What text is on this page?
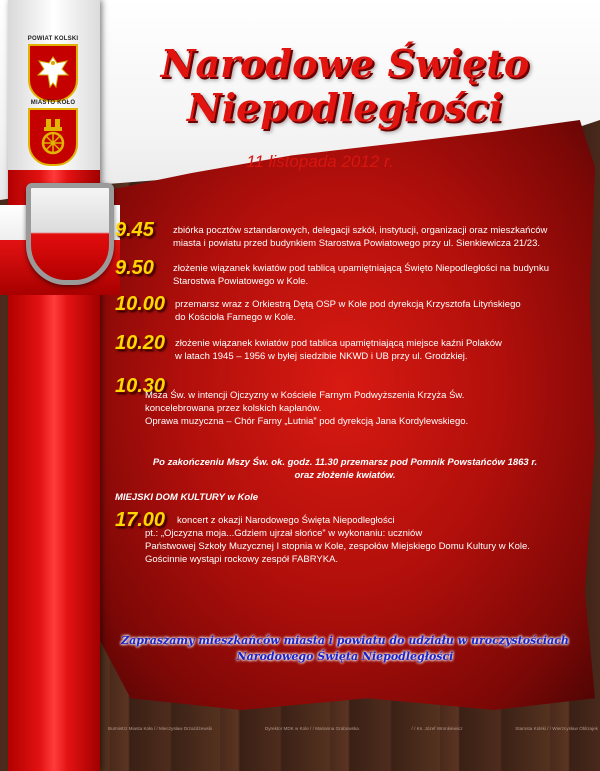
POWIAT KOLSKI
MIASTO KOŁO
Narodowe Święto
Niepodległości
11 listopada 2012 r.
9.45 zbiórka pocztów sztandarowych, delegacji szkół, instytucji, organizacji oraz mieszkańców
miasta i powiatu przed budynkiem Starostwa Powiatowego przy ul. Sienkiewicza 21/23.
9.50 złożenie wiązanek kwiatów pod tablicą upamiętniającą Święto Niepodległości na budynku
Starostwa Powiatowego w Kole.
10.00 przemarsz wraz z Orkiestrą Dętą OSP w Kole pod dyrekcją Krzysztofa Lityńskiego
do Kościoła Farnego w Kole.
10.20 złożenie wiązanek kwiatów pod tablica upamiętniającą miejsce kaźni Polaków
w latach 1945 – 1956 w byłej siedzibie NKWD i UB przy ul. Grodzkiej.
10.30
Msza Św. w intencji Ojczyzny w Kościele Farnym Podwyższenia Krzyża Św.
koncelebrowana przez kolskich kapłanów.
Oprawa muzyczna – Chór Farny „Lutnia” pod dyrekcją Jana Kordylewskiego.
Po zakończeniu Mszy Św. ok. godz. 11.30 przemarsz pod Pomnik Powstańców 1863 r.
oraz złożenie kwiatów.
MIEJSKI DOM KULTURY w Kole
17.00 koncert z okazji Narodowego Święta Niepodległości
pt.: „Ojczyzna moja...Gdziem ujrzał słońce” w wykonaniu: uczniów
Państwowej Szkoły Muzycznej I stopnia w Kole, zespołów Miejskiego Domu Kultury w Kole.
Gościnnie wystąpi rockowy zespół FABRYKA.
Zapraszamy mieszkańców miasta i powiatu do udziału w uroczystościach
Narodowego Święta Niepodległości
Burmistrz Miasta Koła / / Mieczysław Drzażdżewski	Dyrektor MDK w Kole / / Marianna Grabowska	/ / Ks. Józef Wronkiewicz	Starosta Kolski / / Wierzcysław Oblizajek
